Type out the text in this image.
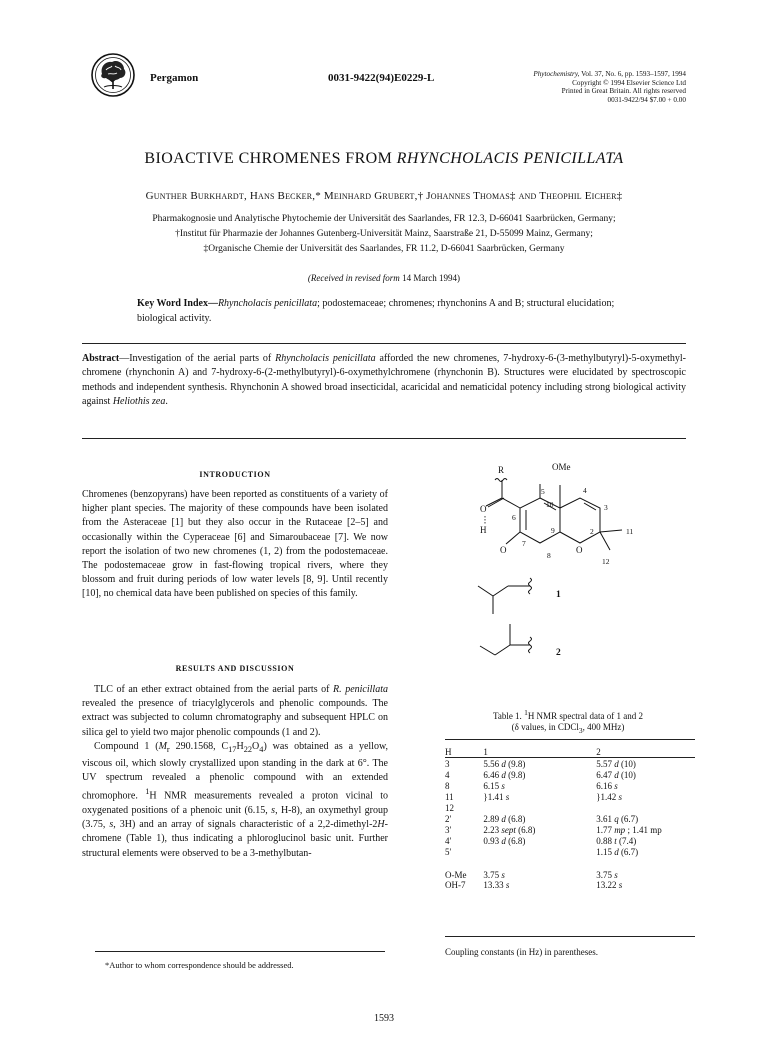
Pergamon	0031-9422(94)E0229-L	Phytochemistry, Vol. 37, No. 6, pp. 1593–1597, 1994
Copyright © 1994 Elsevier Science Ltd
Printed in Great Britain. All rights reserved
0031-9422/94 $7.00 + 0.00
BIOACTIVE CHROMENES FROM RHYNCHOLACIS PENICILLATA
Gunther Burkhardt, Hans Becker,* Meinhard Grubert,† Johannes Thomas‡ and Theophil Eicher‡
Pharmakognosie und Analytische Phytochemie der Universität des Saarlandes, FR 12.3, D-66041 Saarbrücken, Germany;
†Institut für Pharmazie der Johannes Gutenberg-Universität Mainz, Saarstraße 21, D-55099 Mainz, Germany;
‡Organische Chemie der Universität des Saarlandes, FR 11.2, D-66041 Saarbrücken, Germany
(Received in revised form 14 March 1994)
Key Word Index—Rhyncholacis penicillata; podostemaceae; chromenes; rhynchonins A and B; structural elucidation; biological activity.
Abstract—Investigation of the aerial parts of Rhyncholacis penicillata afforded the new chromenes, 7-hydroxy-6-(3-methylbutyryl)-5-oxymethyl-chromene (rhynchonin A) and 7-hydroxy-6-(2-methylbutyryl)-6-oxymethylchromene (rhynchonin B). Structures were elucidated by spectroscopic methods and independent synthesis. Rhynchonin A showed broad insecticidal, acaricidal and nematicidal potency including strong biological activity against Heliothis zea.
INTRODUCTION

Chromenes (benzopyrans) have been reported as constituents of a variety of higher plant species. The majority of these compounds have been isolated from the Asteraceae [1] but they also occur in the Rutaceae [2–5] and occasionally within the Cyperaceae [6] and Simaroubaceae [7]. We now report the isolation of two new chromenes (1, 2) from the podostemaceae. The podostemaceae grow in fast-flowing tropical rivers, where they blossom and fruit during periods of low water levels [8, 9]. Until recently [10], no chemical data have been published on species of this family.

RESULTS AND DISCUSSION

TLC of an ether extract obtained from the aerial parts of R. penicillata revealed the presence of triacylglycerols and phenolic compounds. The extract was subjected to column chromatography and subsequent HPLC on silica gel to yield two major phenolic compounds (1 and 2).

Compound 1 ($M_r$ 290.1568, $C_{17}H_{22}O_4$) was obtained as a yellow, viscous oil, which slowly crystallized upon standing in the dark at 6°. The UV spectrum revealed a phenolic compound with an extended chromophore. $^1$H NMR measurements revealed a proton vicinal to oxygenated positions of a phenoic unit (6.15, s, H-8), an oxymethyl group (3.75, s, 3H) and an array of signals characteristic of a 2,2-dimethyl-2H-chromene (Table 1), thus indicating a phloroglucinol basic unit. Further structural elements were observed to be a 3-methylbutan-

*Author to whom correspondence should be addressed.
R	OMe
5	4
10	3
6
O
9	2	11
H
7
O	O
8
12
1
2
Table 1. $^1$H NMR spectral data of 1 and 2
(δ values, in CDCl$_3$, 400 MHz)
H	1	2
3	5.56 d (9.8)	5.57 d (10)
4	6.46 d (9.8)	6.47 d (10)
8	6.15 s	6.16 s
11	}1.41 s	}1.42 s
12		
2′	2.89 d (6.8)	3.61 q (6.7)
3′	2.23 sept (6.8)	1.77 mp ; 1.41 mp
4′	0.93 d (6.8)	0.88 t (7.4)
5′		1.15 d (6.7)
O-Me	3.75 s	3.75 s
OH-7	13.33 s	13.22 s
Coupling constants (in Hz) in parentheses.
1593
